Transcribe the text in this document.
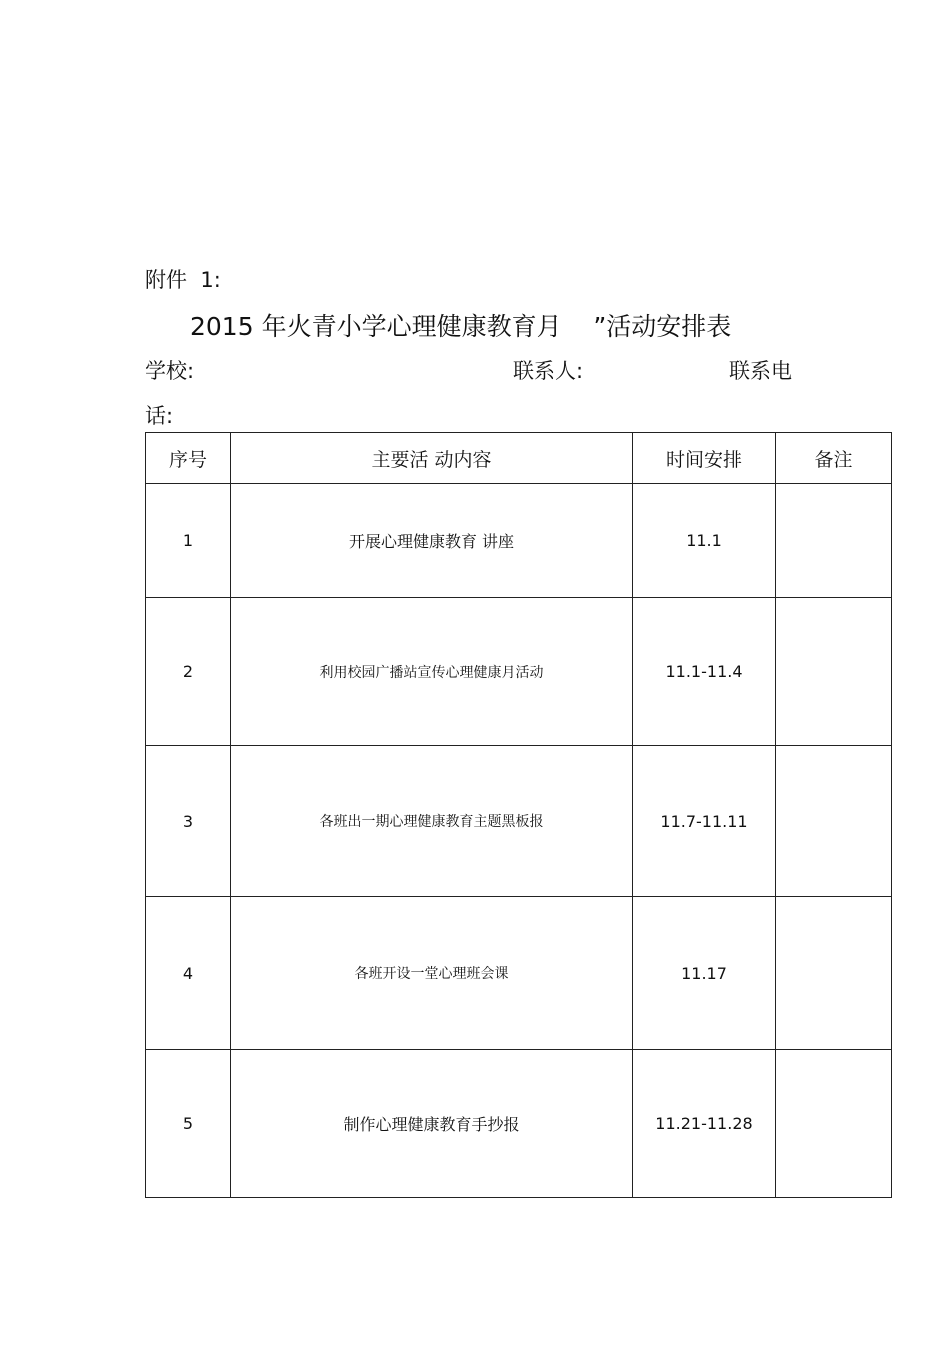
附件  1:
2015 年火青小学心理健康教育月    ”活动安排表
学校:	联系人:	联系电
话:
序号	主要活 动内容	时间安排	备注
1	开展心理健康教育 讲座	11.1	
2	利用校园广播站宣传心理健康月活动	11.1-11.4	
3	各班出一期心理健康教育主题黑板报	11.7-11.11	
4	各班开设一堂心理班会课	11.17	
5	制作心理健康教育手抄报	11.21-11.28	
